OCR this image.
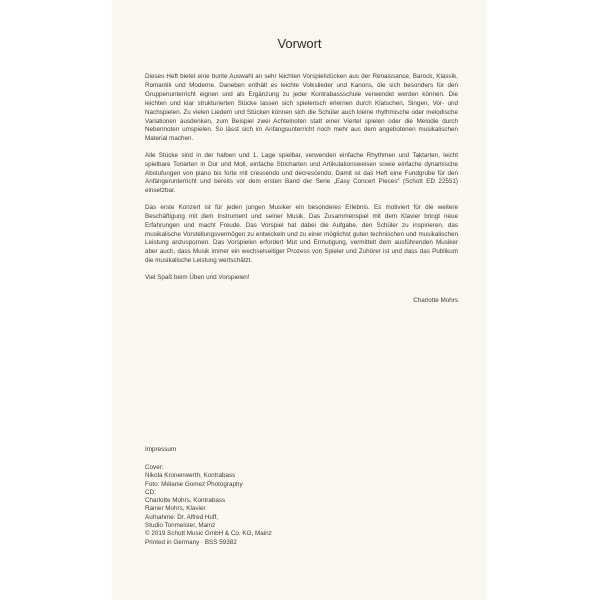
Vorwort

Dieses Heft bietet eine bunte Auswahl an sehr leichten Vorspielstücken aus der Renaissance, Barock, Klassik, Romantik und Moderne. Daneben enthält es leichte Volkslieder und Kanons, die sich besonders für den Gruppenunterricht eignen und als Ergänzung zu jeder Kontrabassschule verwendet werden können. Die leichten und klar strukturierten Stücke lassen sich spielerisch erlernen durch Klatschen, Singen, Vor- und Nachspielen. Zu vielen Liedern und Stücken können sich die Schüler auch kleine rhythmische oder melodische Variationen ausdenken, zum Beispiel zwei Achtelnoten statt einer Viertel spielen oder die Melodie durch Nebennoten umspielen. So lässt sich im Anfangsunterricht noch mehr aus dem angebotenen musikalischen Material machen.

Alle Stücke sind in der halben und 1. Lage spielbar, verwenden einfache Rhythmen und Taktarten, leicht spielbare Tonarten in Dur und Moll, einfache Stricharten und Artikulationsweisen sowie einfache dynamische Abstufungen von piano bis forte mit crescendo und decrescendo. Damit ist das Heft eine Fundgrube für den Anfängerunterricht und bereits vor dem ersten Band der Serie „Easy Concert Pieces“ (Schott ED 22551) einsetzbar.

Das erste Konzert ist für jeden jungen Musiker ein besonderes Erlebnis. Es motiviert für die weitere Beschäftigung mit dem Instrument und seiner Musik. Das Zusammenspiel mit dem Klavier bringt neue Erfahrungen und macht Freude. Das Vorspiel hat dabei die Aufgabe, den Schüler zu inspirieren, das musikalische Vorstellungsvermögen zu entwickeln und zu einer möglichst guten technischen und musikalischen Leistung anzuspornen. Das Vorspielen erfordert Mut und Ermutigung, vermittelt dem ausführenden Musiker aber auch, dass Musik immer ein wechselseitiger Prozess von Spieler und Zuhörer ist und dass das Publikum die musikalische Leistung wertschätzt.

Viel Spaß beim Üben und Vorspielen!

Charlotte Mohrs
Impressum
Cover:
Nikola Kronenwerth, Kontrabass
Foto: Mélanie Gomez Photography
CD:
Charlotte Mohrs, Kontrabass
Rainer Mohrs, Klavier
Aufnahme: Dr. Alfred Huff,
Studio Tonmeister, Mainz
© 2019 Schott Music GmbH & Co. KG, Mainz
Printed in Germany · BSS 59382
